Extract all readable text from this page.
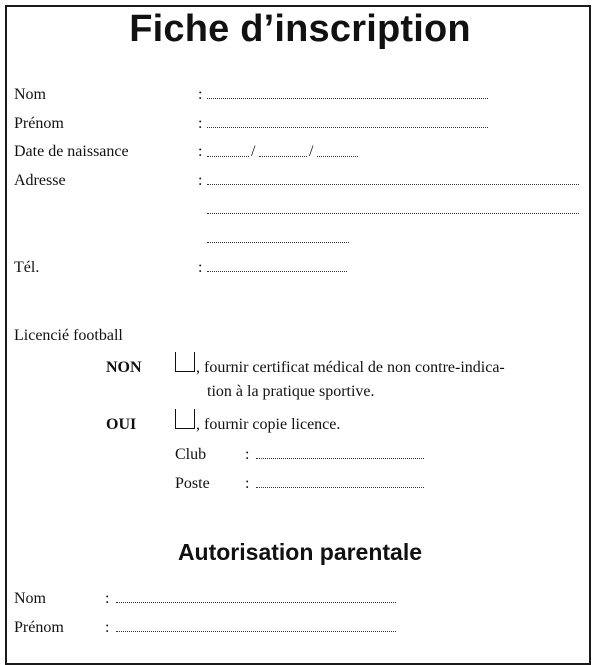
Fiche d’inscription
Nom	:
Prénom	:
Date de naissance	:	/	/
Adresse	:
Tél.	:
Licencié football
NON	, fournir certificat médical de non contre-indica-
tion à la pratique sportive.
OUI	, fournir copie licence.
Club :
Poste :
Autorisation parentale
Nom	:
Prénom	:
